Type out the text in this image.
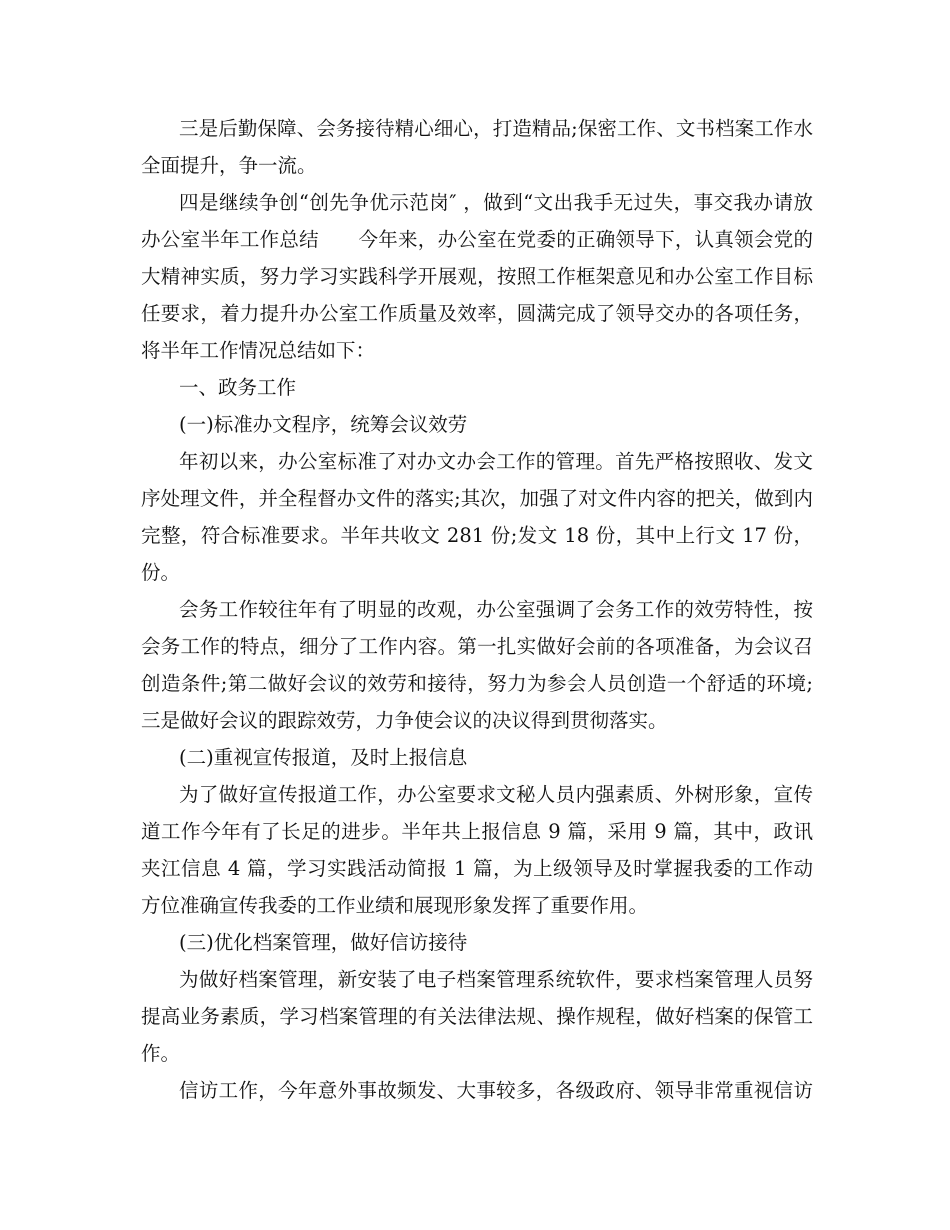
三是后勤保障、会务接待精心细心，打造精品;保密工作、文书档案工作水
全面提升，争一流。
四是继续争创“创先争优示范岗″ ，做到“文出我手无过失，事交我办请放
办公室半年工作总结　　今年来，办公室在党委的正确领导下，认真领会党的
大精神实质，努力学习实践科学开展观，按照工作框架意见和办公室工作目标
任要求，着力提升办公室工作质量及效率，圆满完成了领导交办的各项任务，
将半年工作情况总结如下：
一、政务工作
(一)标准办文程序，统筹会议效劳
年初以来，办公室标准了对办文办会工作的管理。首先严格按照收、发文
序处理文件，并全程督办文件的落实;其次，加强了对文件内容的把关，做到内
完整，符合标准要求。半年共收文 281 份;发文 18 份，其中上行文 17 份，
份。
会务工作较往年有了明显的改观，办公室强调了会务工作的效劳特性，按
会务工作的特点，细分了工作内容。第一扎实做好会前的各项准备，为会议召
创造条件;第二做好会议的效劳和接待，努力为参会人员创造一个舒适的环境;
三是做好会议的跟踪效劳，力争使会议的决议得到贯彻落实。
(二)重视宣传报道，及时上报信息
为了做好宣传报道工作，办公室要求文秘人员内强素质、外树形象，宣传
道工作今年有了长足的进步。半年共上报信息 9 篇，采用 9 篇，其中，政讯
夹江信息 4 篇，学习实践活动简报 1 篇，为上级领导及时掌握我委的工作动
方位准确宣传我委的工作业绩和展现形象发挥了重要作用。
(三)优化档案管理，做好信访接待
为做好档案管理，新安装了电子档案管理系统软件，要求档案管理人员努
提高业务素质，学习档案管理的有关法律法规、操作规程，做好档案的保管工
作。
信访工作，今年意外事故频发、大事较多，各级政府、领导非常重视信访
